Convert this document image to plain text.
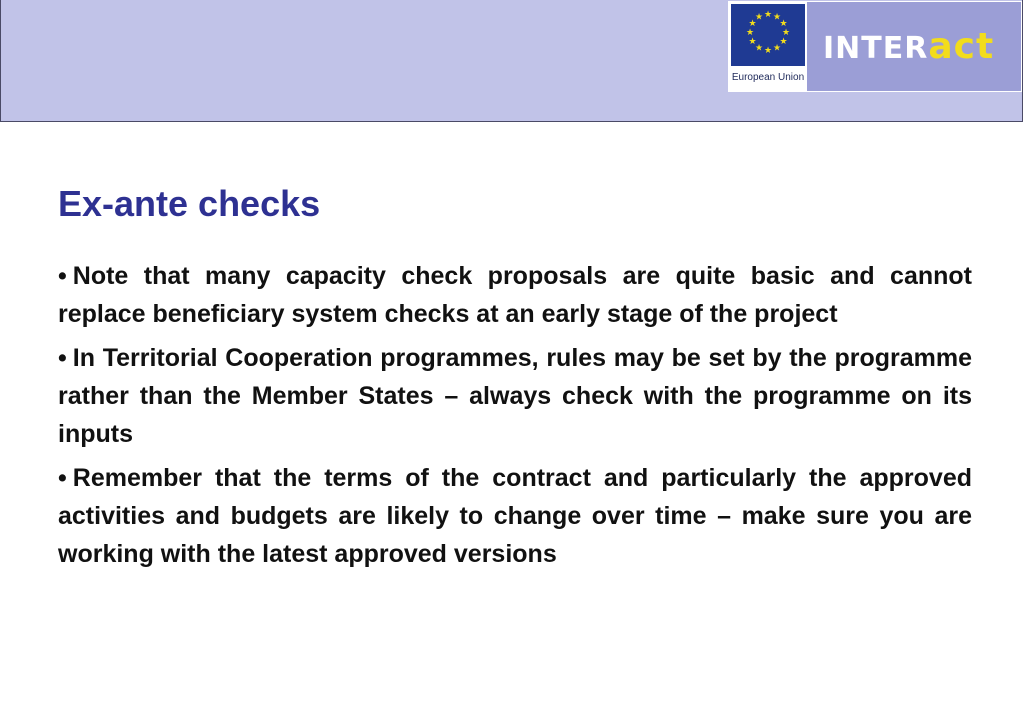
★ ★
★
★
★
★
★
★
★
★
★
★
European Union
INTERact
Ex-ante checks
• Note that many capacity check proposals are quite basic and cannot replace beneficiary system checks at an early stage of the project
• In Territorial Cooperation programmes, rules may be set by the programme rather than the Member States – always check with the programme on its inputs
• Remember that the terms of the contract and particularly the approved activities and budgets are likely to change over time – make sure you are working with the latest approved versions
